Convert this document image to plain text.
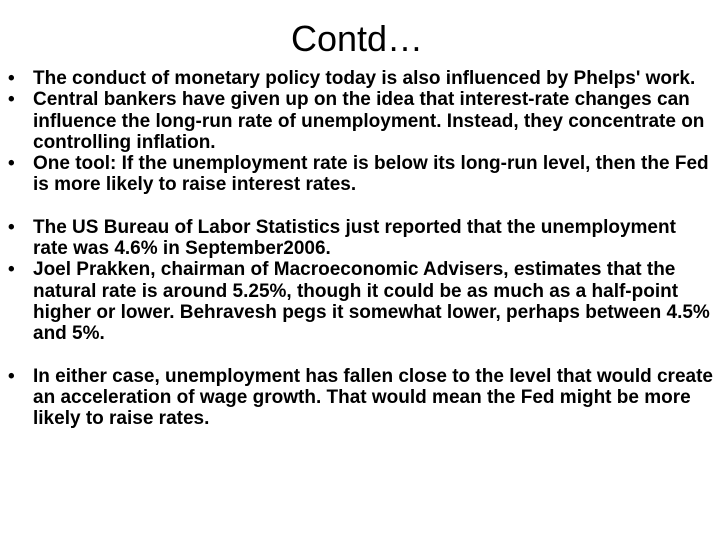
Contd…
• The conduct of monetary policy today is also influenced by Phelps' work.
• Central bankers have given up on the idea that interest-rate changes can influence the long-run rate of unemployment. Instead, they concentrate on controlling inflation.
• One tool: If the unemployment rate is below its long-run level, then the Fed is more likely to raise interest rates.
• The US Bureau of Labor Statistics just reported that the unemployment rate was 4.6% in September2006.
• Joel Prakken, chairman of Macroeconomic Advisers, estimates that the natural rate is around 5.25%, though it could be as much as a half-point higher or lower. Behravesh pegs it somewhat lower, perhaps between 4.5% and 5%.
• In either case, unemployment has fallen close to the level that would create an acceleration of wage growth. That would mean the Fed might be more likely to raise rates.
